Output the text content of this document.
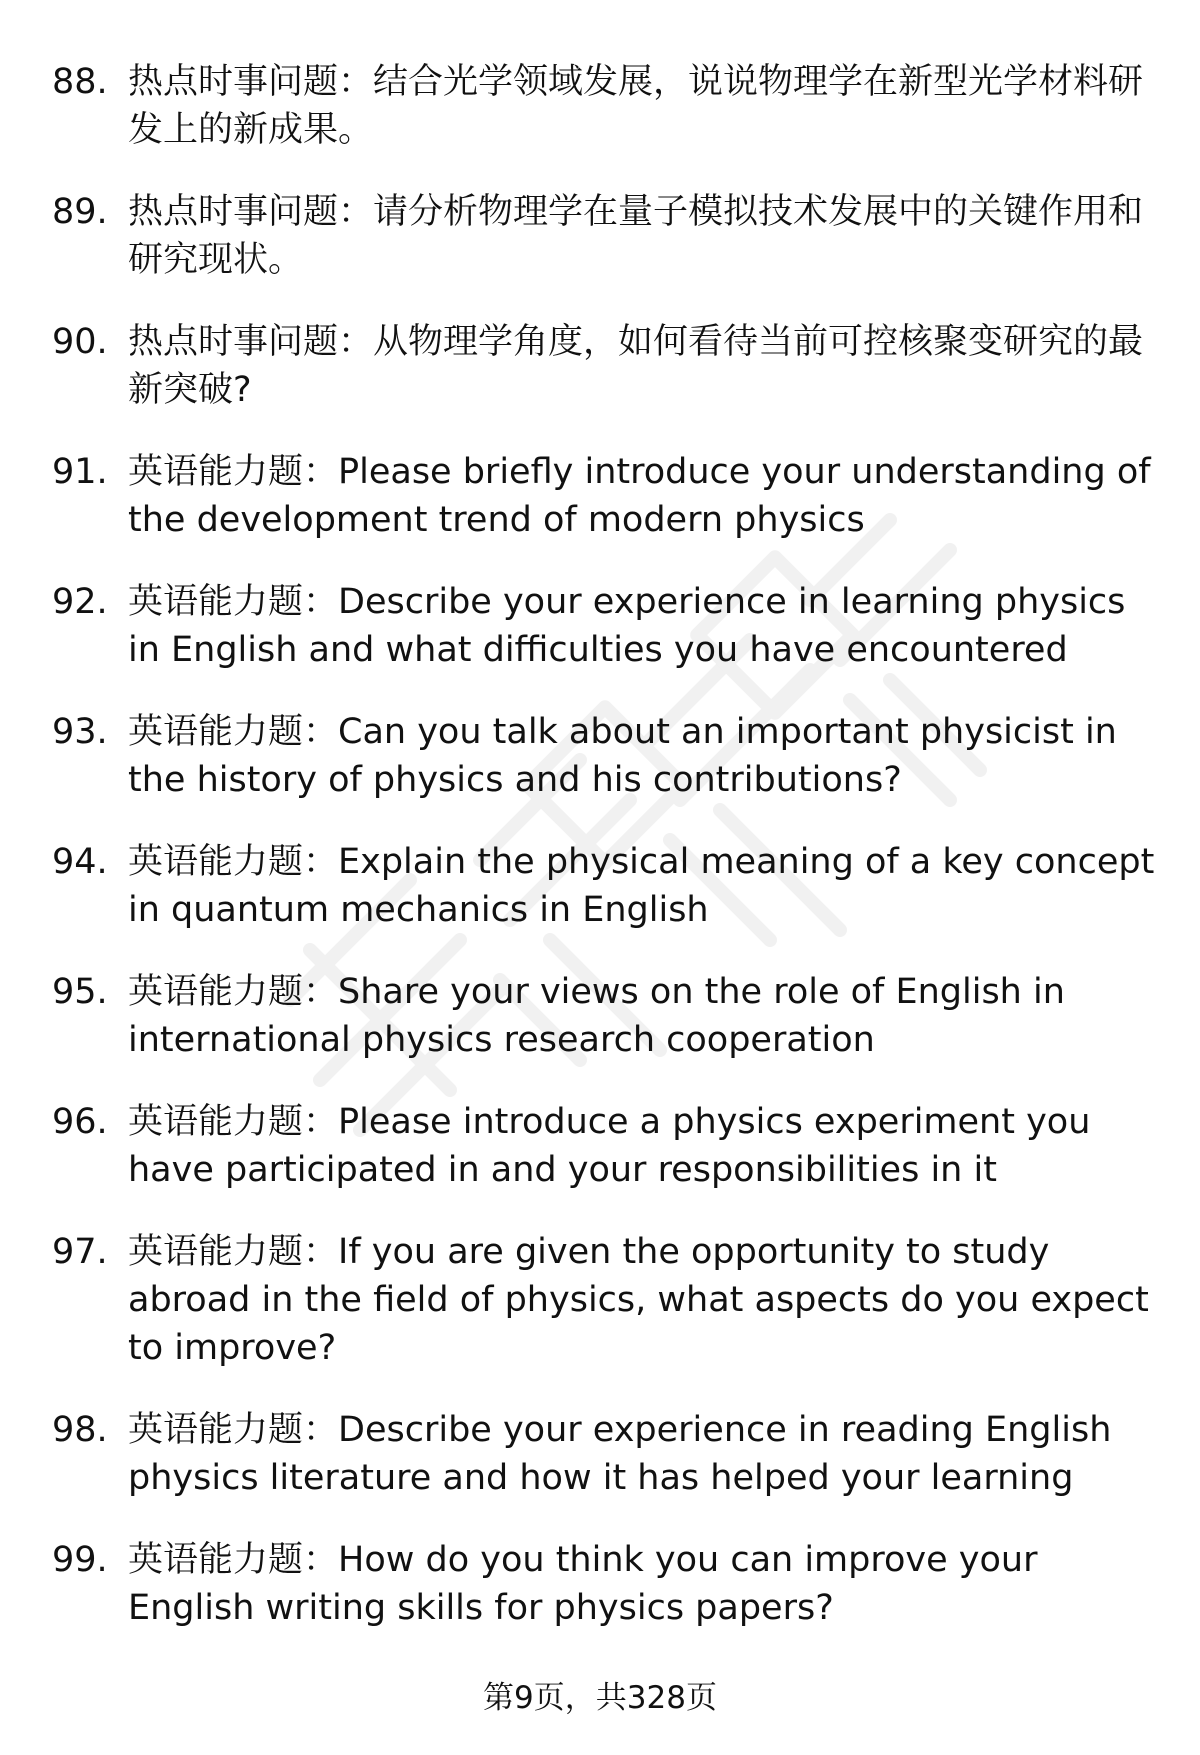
88. 热点时事问题：结合光学领域发展，说说物理学在新型光学材料研发上的新成果。
89. 热点时事问题：请分析物理学在量子模拟技术发展中的关键作用和研究现状。
90. 热点时事问题：从物理学角度，如何看待当前可控核聚变研究的最新突破?
91. 英语能力题：Please briefly introduce your understanding of the development trend of modern physics
92. 英语能力题：Describe your experience in learning physics in English and what difficulties you have encountered
93. 英语能力题：Can you talk about an important physicist in the history of physics and his contributions?
94. 英语能力题：Explain the physical meaning of a key concept in quantum mechanics in English
95. 英语能力题：Share your views on the role of English in international physics research cooperation
96. 英语能力题：Please introduce a physics experiment you have participated in and your responsibilities in it
97. 英语能力题：If you are given the opportunity to study abroad in the field of physics, what aspects do you expect to improve?
98. 英语能力题：Describe your experience in reading English physics literature and how it has helped your learning
99. 英语能力题：How do you think you can improve your English writing skills for physics papers?
第9页，共328页
